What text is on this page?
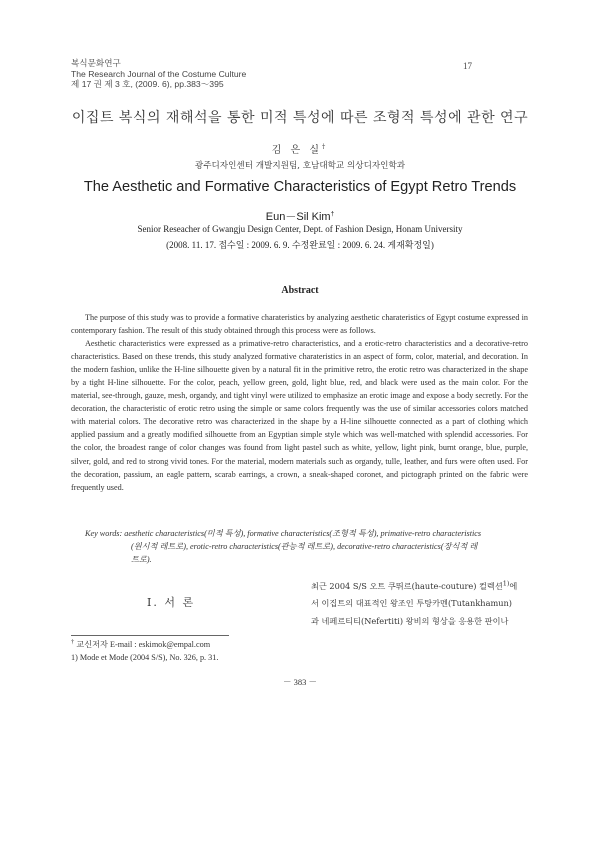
복식문화연구
The Research Journal of the Costume Culture
제 17 권 제 3 호, (2009. 6), pp.383～395
17
이집트 복식의 재해석을 통한 미적 특성에 따른 조형적 특성에 관한 연구
김 은 실†
광주디자인센터 개발지원팀, 호남대학교 의상디자인학과
The Aesthetic and Formative Characteristics of Egypt Retro Trends
Eun－Sil Kim†
Senior Reseacher of Gwangju Design Center, Dept. of Fashion Design, Honam University
(2008. 11. 17. 접수일 : 2009. 6. 9. 수정완료일 : 2009. 6. 24. 게재확정일)
Abstract

The purpose of this study was to provide a formative charateristics by analyzing aesthetic charateristics of Egypt costume expressed in contemporary fashion. The result of this study obtained through this process were as follows.

Aesthetic characteristics were expressed as a primative-retro characteristics, and a erotic-retro characteristics and a decorative-retro characteristics. Based on these trends, this study analyzed formative charateristics in an aspect of form, color, material, and decoration. In the modern fashion, unlike the H-line silhouette given by a natural fit in the primitive retro, the erotic retro was characterized in the shape by a tight H-line silhouette. For the color, peach, yellow green, gold, light blue, red, and black were used as the main color. For the material, see-through, gauze, mesh, organdy, and tight vinyl were utilized to emphasize an erotic image and expose a body secretly. For the decoration, the characteristic of erotic retro using the simple or same colors frequently was the use of similar accessories colors matched with material colors. The decorative retro was characterized in the shape by a H-line silhouette connected as a part of clothing which applied passium and a greatly modified silhouette from an Egyptian simple style which was well-matched with splendid accessories. For the color, the broadest range of color changes was found from light pastel such as white, yellow, light pink, burnt orange, blue, purple, silver, gold, and red to strong vivid tones. For the material, modern materials such as organdy, tulle, leather, and furs were often used. For the decoration, passium, an eagle pattern, scarab earrings, a crown, a sneak-shaped coronet, and pictograph printed on the fabric were frequently used.

Key words: aesthetic characteristics(미적 특성), formative characteristics(조형적 특성), primative-retro characteristics
(원시적 레트로), erotic-retro characteristics(관능적 레트로), decorative-retro characteristics(장식적 레
트로).
Ⅰ. 서 론
최근 2004 S/S 오트 쿠뛰르(haute-couture) 컬렉션$^{1)}$에
서 이집트의 대표적인 왕조인 투탕카멘(Tutankhamun)
과 네페르티티(Nefertiti) 왕비의 형상을 응용한 판이나
† 교신저자 E-mail : eskimok@empal.com
1) Mode et Mode (2004 S/S), No. 326, p. 31.
－ 383 －
